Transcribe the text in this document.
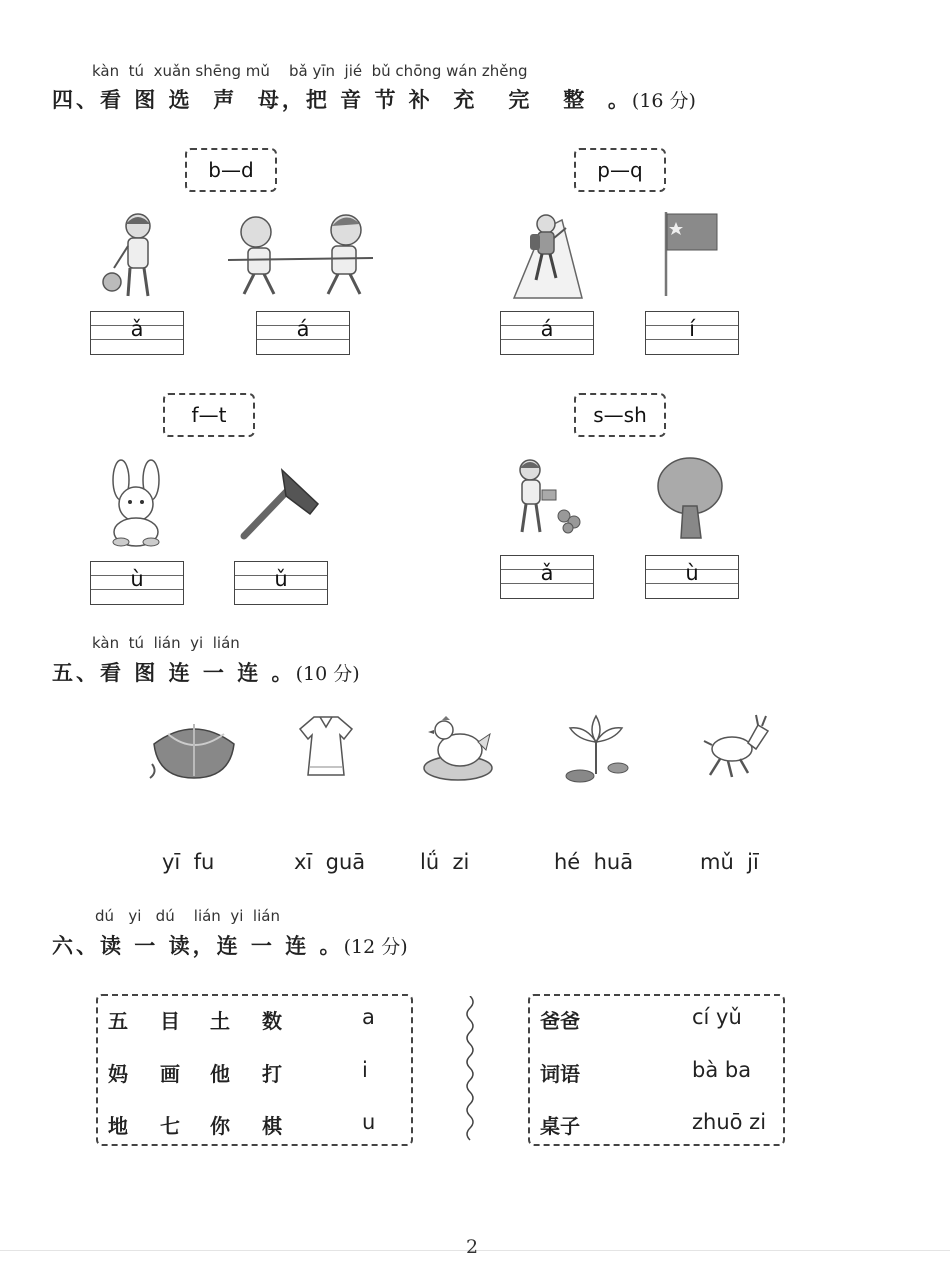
kàn  tú  xuǎn shēng mǔ    bǎ yīn  jié  bǔ chōng wán zhěng
四、看 图 选  声  母，把 音 节 补  充   完   整  。(16 分)
b—d
ǎ	á
p—q
á	í
f—t
ù	ǔ
s—sh
ǎ	ù
kàn  tú  lián  yi  lián
五、看 图 连 一 连 。(10 分)
yī  fu	xī  guā	lǘ  zi	hé  huā	mǔ  jī
dú   yi   dú    lián  yi  lián
六、读 一 读，连 一 连 。(12 分)
五 目 土 数	a
妈 画 他 打	i
地 七 你 棋	u
爸爸	cí yǔ
词语	bà ba
桌子	zhuō zi
2
